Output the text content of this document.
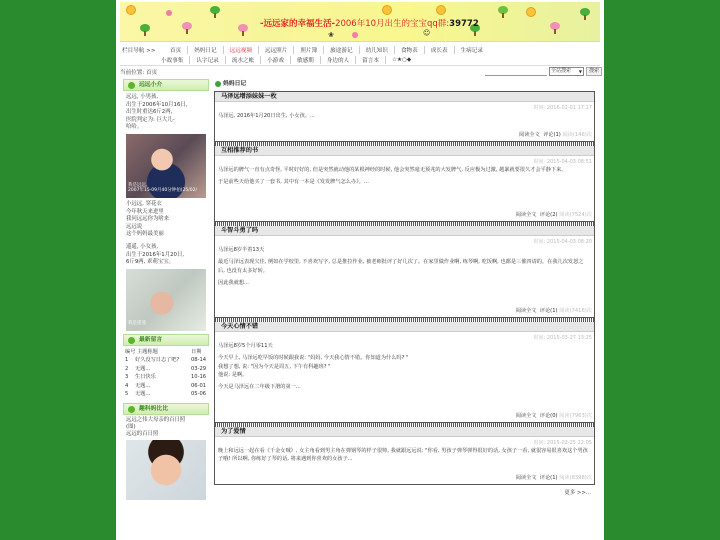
❀	☺
-远远家的幸福生活-2006年10月出生的宝宝qq群:39772
栏目导航 >>	首页	妈妈日记	远远视频	远远照片	照片簿	旅途游记	幼儿知识	食物表	成长表	生病记录
小故事集	认字记录	流水之帐	小游戏	敏感期	身边的人	留言本	☆★○◆
当前位置: 首页	全站搜索 ▼	搜索
远远小介
远远, 小男孩,
出生于2006年10月16日,
出生时重达6斤2两,
医院判定为: 巨大儿-
哈哈。
我是远远,
2007年15-09月40分钟拍(25/02/
小远远, 穿花衣
今年秋天来进里
我问远远你为啥来
远远说
这个妈妈最美丽
遥遥, 小女孩,
出生于2016年1月20日,
6斤9两, 乖萌宝宝。
我是遥遥
最新留言
编号 主题称题	日期
1	好久没写日志了吧?	08-14
2	无题...	03-29
3	生日快乐	10-16
4	无题...	06-01
5	无题...	05-06
趣科妈比比
远远之伟大母亲的百日照
(图)
远远的百日照
妈妈日记
马泽远增添妹妹一枚
时间: 2016-02-01 17:17
马泽远, 2016年1月20日出生, 小女孩。...
阅读全文 评论(1) 阅读(146)次
互相推荐的书
时间: 2015-04-03 08:51
马泽远的脾气一直有点奇怪, 平时好好的, 但是突然就动他的某根神经的时候, 他会突然毫无预兆的大发脾气, 反应极为过激, 越暴就要很久才会平静下来。
于是前些天给他买了一套书, 其中有一本是《发发脾气怎么办》。...
阅读全文 评论(2) 阅读(7524)次
斗智斗勇了吗
时间: 2015-04-03 08:20
马泽远8岁半着13天
最近马泽远表现欠佳, 例如在学校里, 不喜欢写字, 总是推拉作业, 被老师批评了好几次了。在家里做作业啊, 练琴啊, 吃饭啊, 也都是三催四请的。在我几次发怒之后, 也没有太多好转。
因此我就想...
阅读全文 评论(1) 阅读(7416)次
今天心情不错
时间: 2015-03-27 13:25
马泽远8岁5个月零11天
今天早上, 马泽远吃早饭的时候跟我说: "妈妈, 今天我心情不错。你知道为什么吗? "
我想了想, 说: "因为今天是周五, 下午有科趣班? "
他说: 是啊。
今天是马泽远在二年级下册的第一...
阅读全文 评论(0) 阅读(7963)次
为了爱情
时间: 2015-02-25 22:05
晚上和远远一起在看《千金女贼》, 女主角看到男主角在弹钢琴的样子很帅, 我就跟远远说: "你看, 男孩子弹琴弹得很好的话, 女孩子一看, 就很容易很喜欢这个男孩子哦! 所以啊, 你练好了琴的话, 将来遇到你喜欢的女孩子...
阅读全文 评论(1) 阅读(8398)次
更多 >>...
